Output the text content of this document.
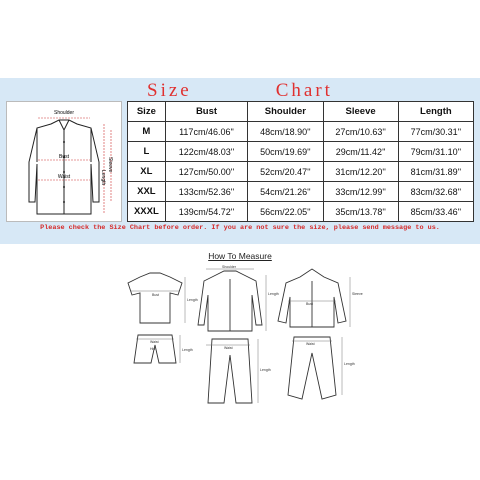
Size	Chart
Shoulder
Bust
Waist	Length
Sleeve
Size	Bust	Shoulder	Sleeve	Length
M	117cm/46.06''	48cm/18.90''	27cm/10.63''	77cm/30.31''
L	122cm/48.03''	50cm/19.69''	29cm/11.42''	79cm/31.10''
XL	127cm/50.00''	52cm/20.47''	31cm/12.20''	81cm/31.89''
XXL	133cm/52.36''	54cm/21.26''	33cm/12.99''	83cm/32.68''
XXXL	139cm/54.72''	56cm/22.05''	35cm/13.78''	85cm/33.46''
Please check the Size Chart before order. If you are not sure the size, please send message to us.
How To Measure
Bust
Length
Waist
Hip	Length
Shoulder
Length
Waist
Length
Bust
Sleeve
Waist
Length
